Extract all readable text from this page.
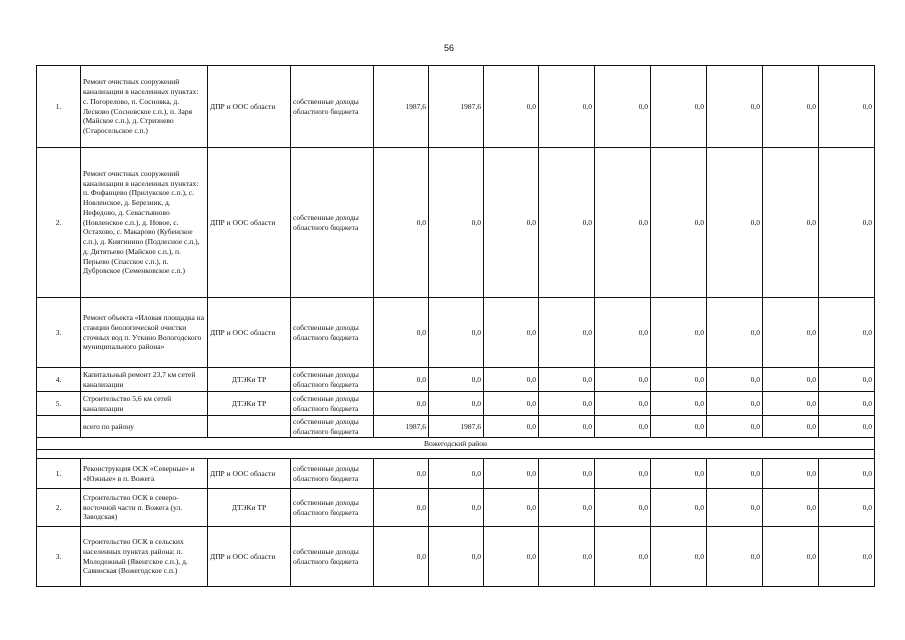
56
1.	Ремонт очистных сооружений канализации в населенных пунктах: с. Погорелово, п. Сосновка, д. Лесково (Сосновское с.п.), п. Заря (Майское с.п.), д. Стризнево (Старосельское с.п.)	ДПР и ООС области	собственные доходы областного бюджета	1987,6	1987,6	0,0	0,0	0,0	0,0	0,0	0,0	0,0
2.	Ремонт очистных сооружений канализации в населенных пунктах: п. Фофанцево (Прилукское с.п.), с. Новленское, д. Березник, д. Нефедово, д. Севастьяново (Новленское с.п.), д. Новое, с. Остахово, с. Макарово (Кубенское с.п.), д. Княгинино (Подлесное с.п.), д. Дитятьево (Майское с.п.), п. Перьево (Спасское с.п.), п. Дубровское (Семенковское с.п.)	ДПР и ООС области	собственные доходы областного бюджета	0,0	0,0	0,0	0,0	0,0	0,0	0,0	0,0	0,0
3.	Ремонт объекта «Иловая площадка на станции биологической очистки сточных вод п. Уткино Вологодского муниципального района»	ДПР и ООС области	собственные доходы областного бюджета	0,0	0,0	0,0	0,0	0,0	0,0	0,0	0,0	0,0
4.	Капитальный ремонт 23,7 км сетей канализации	ДТЭКи ТР	собственные доходы областного бюджета	0,0	0,0	0,0	0,0	0,0	0,0	0,0	0,0	0,0
5.	Строительство 5,6 км сетей канализации	ДТЭКи ТР	собственные доходы областного бюджета	0,0	0,0	0,0	0,0	0,0	0,0	0,0	0,0	0,0
	всего по району		собственные доходы областного бюджета	1987,6	1987,6	0,0	0,0	0,0	0,0	0,0	0,0	0,0
Вожегодский район												

1.	Реконструкция ОСК «Северные» и «Южные» в п. Вожега	ДПР и ООС области	собственные доходы областного бюджета	0,0	0,0	0,0	0,0	0,0	0,0	0,0	0,0	0,0
2.	Строительство ОСК в северо-восточной части п. Вожега (ул. Заводская)	ДТЭКи ТР	собственные доходы областного бюджета	0,0	0,0	0,0	0,0	0,0	0,0	0,0	0,0	0,0
3.	Строительство ОСК в сельских населенных пунктах района: п. Молодежный (Явенгское с.п.), д. Савинская (Вожегодское с.п.)	ДПР и ООС области	собственные доходы областного бюджета	0,0	0,0	0,0	0,0	0,0	0,0	0,0	0,0	0,0
